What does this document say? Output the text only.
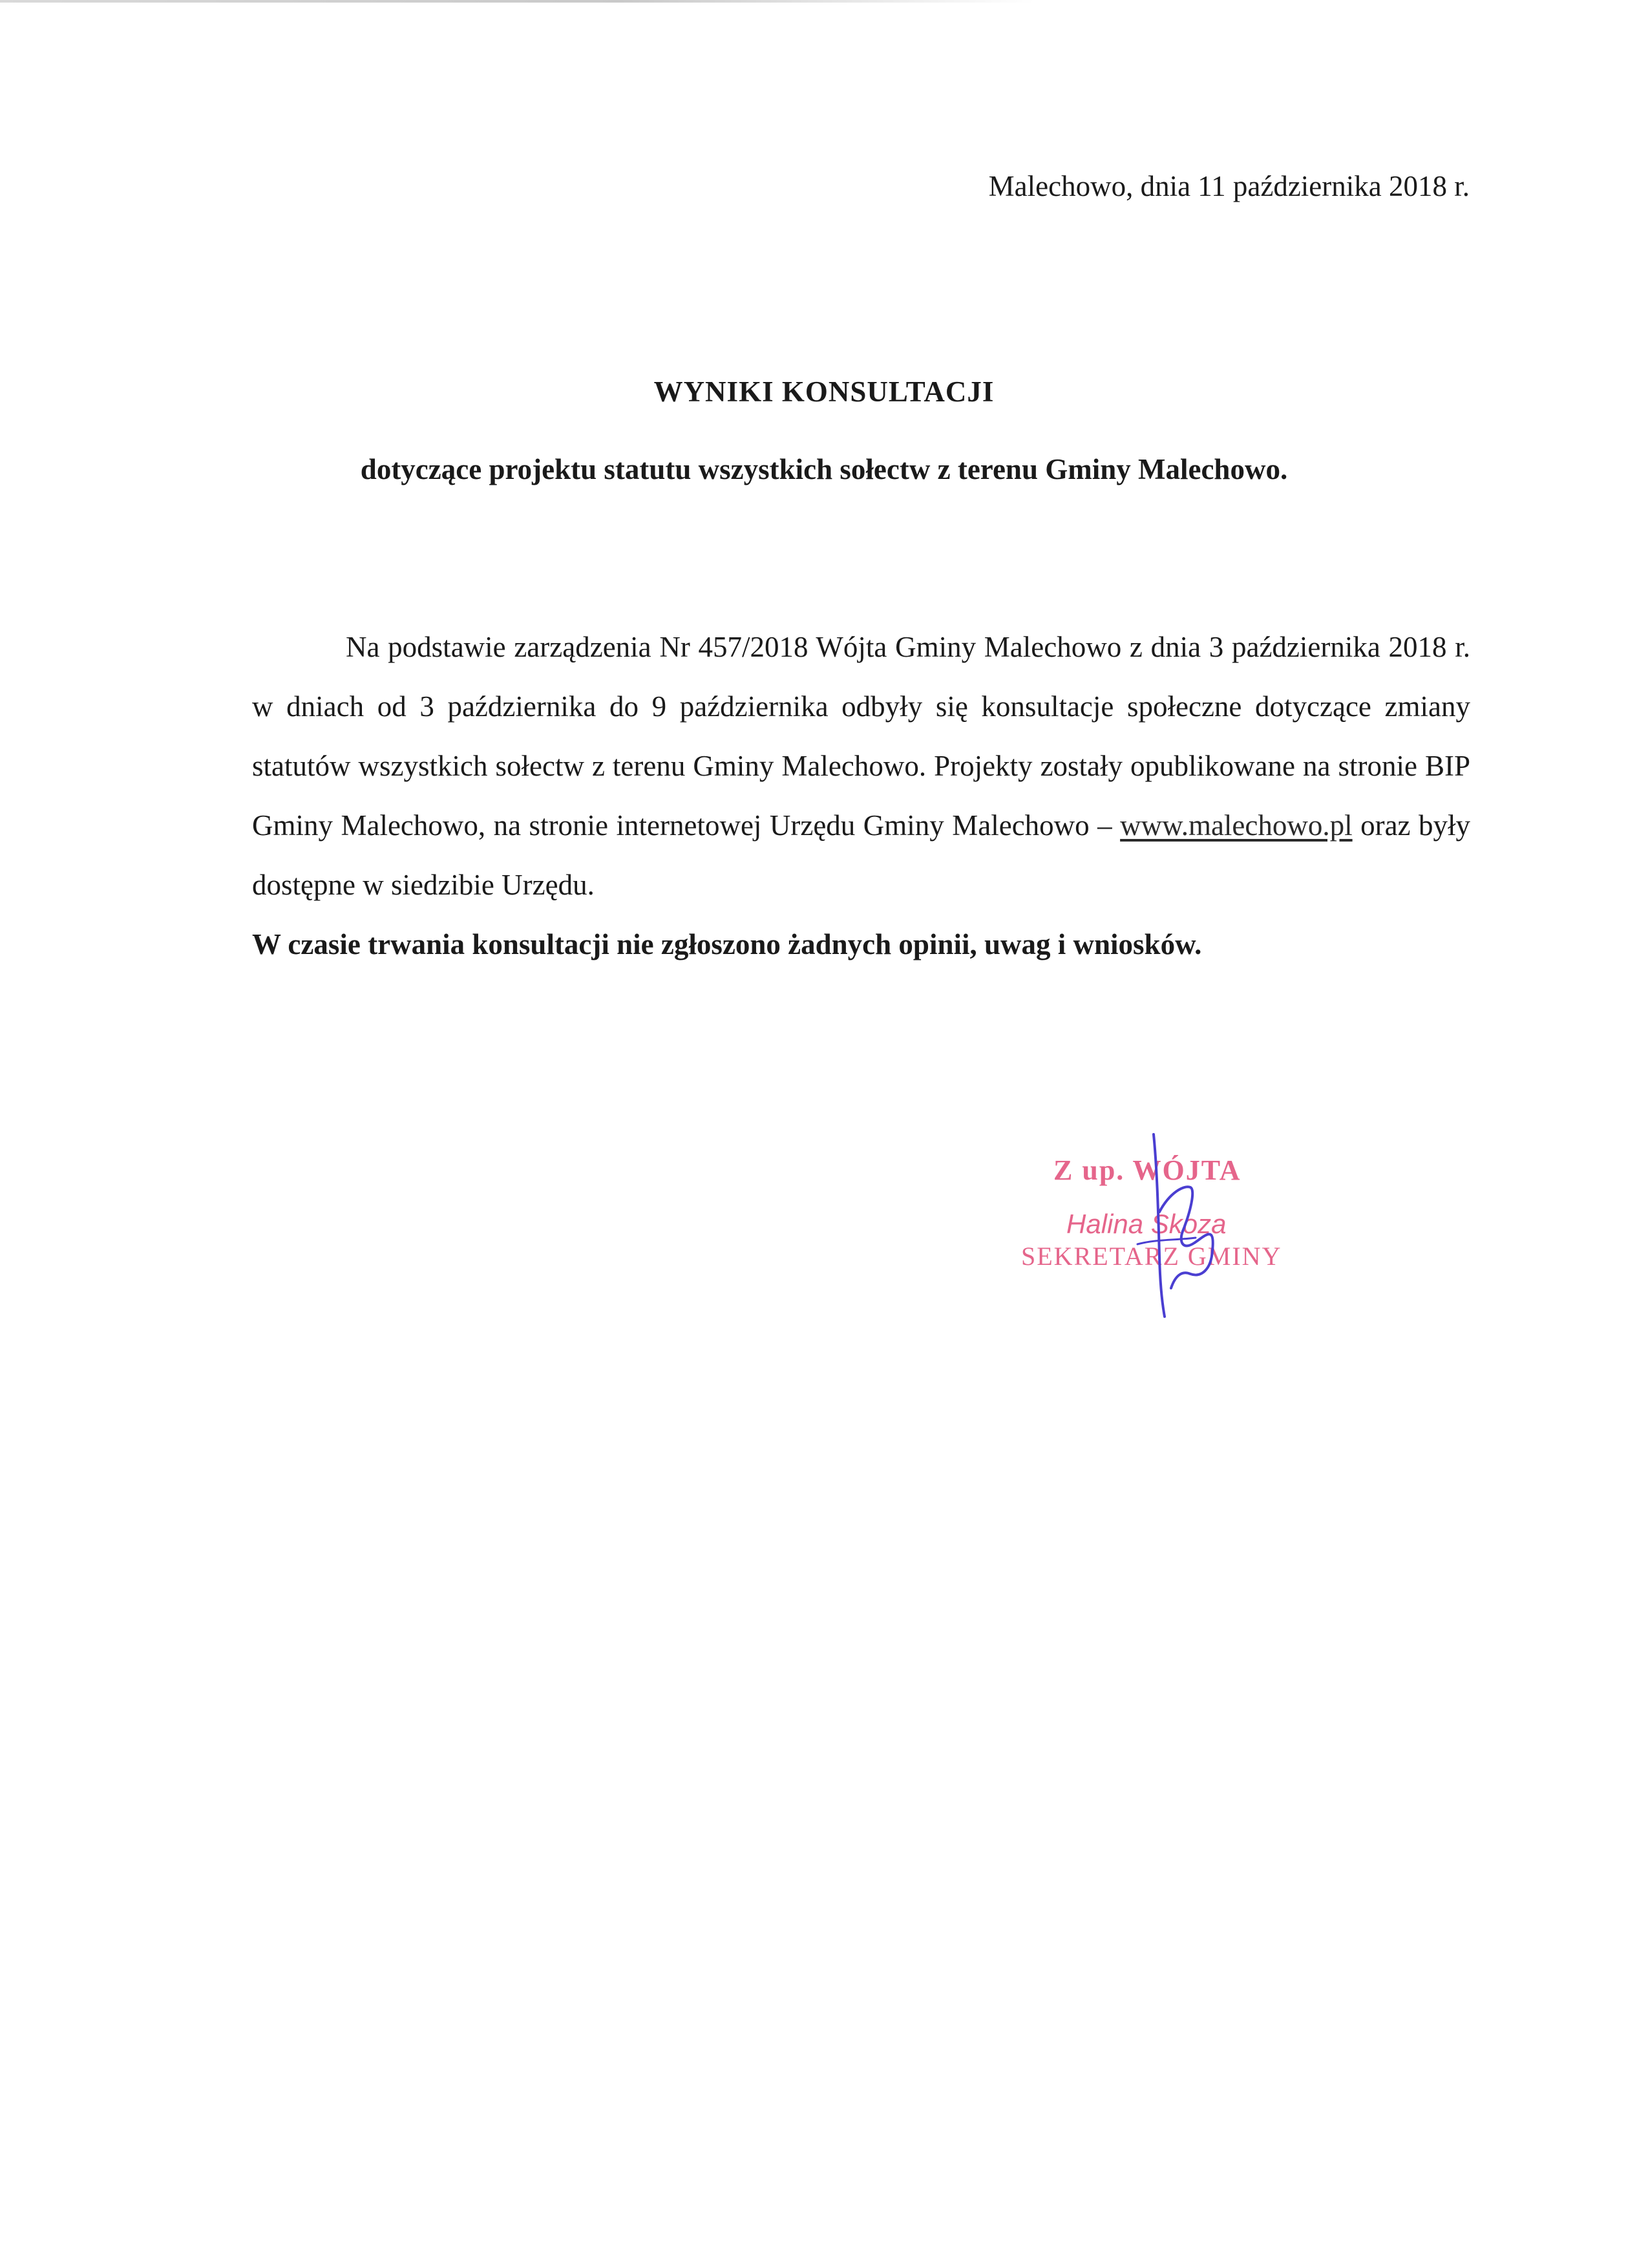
Malechowo, dnia 11 października 2018 r.
WYNIKI KONSULTACJI
dotyczące projektu statutu wszystkich sołectw z terenu Gminy Malechowo.

Na podstawie zarządzenia Nr 457/2018 Wójta Gminy Malechowo z dnia 3 października 2018 r. w dniach od 3 października do 9 października odbyły się konsultacje społeczne dotyczące zmiany statutów wszystkich sołectw z terenu Gminy Malechowo. Projekty zostały opublikowane na stronie BIP Gminy Malechowo, na stronie internetowej Urzędu Gminy Malechowo – www.malechowo.pl oraz były dostępne w siedzibie Urzędu.

W czasie trwania konsultacji nie zgłoszono żadnych opinii, uwag i wniosków.

Z up. WÓJTA
Halina Skoza
SEKRETARZ GMINY
